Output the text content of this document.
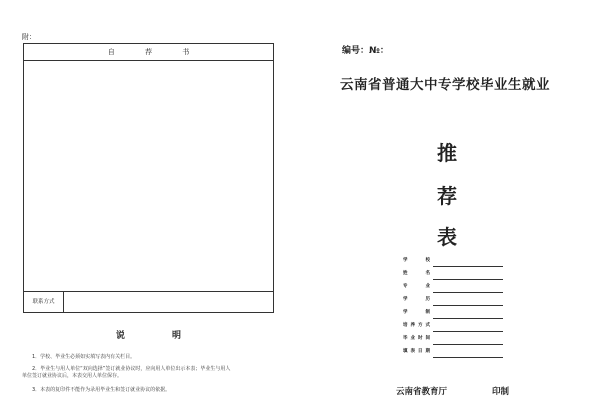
附：
自 荐 书
联系方式
说 明
1．学校、毕业生必须如实填写表内有关栏目。
2．毕业生与用人单位“双向选择”签订就业协议时，应向用人单位出示本表；毕业生与用人
单位签订就业协议后，本表交用人单位保存。
3．本表的复印件不能作为录用毕业生和签订就业协议的依据。
编号：№：
云南省普通大中专学校毕业生就业
推
荐
表
学校
姓名
专业
学历
学制
培养方式
毕业时间
填表日期
云南省教育厅	印制
